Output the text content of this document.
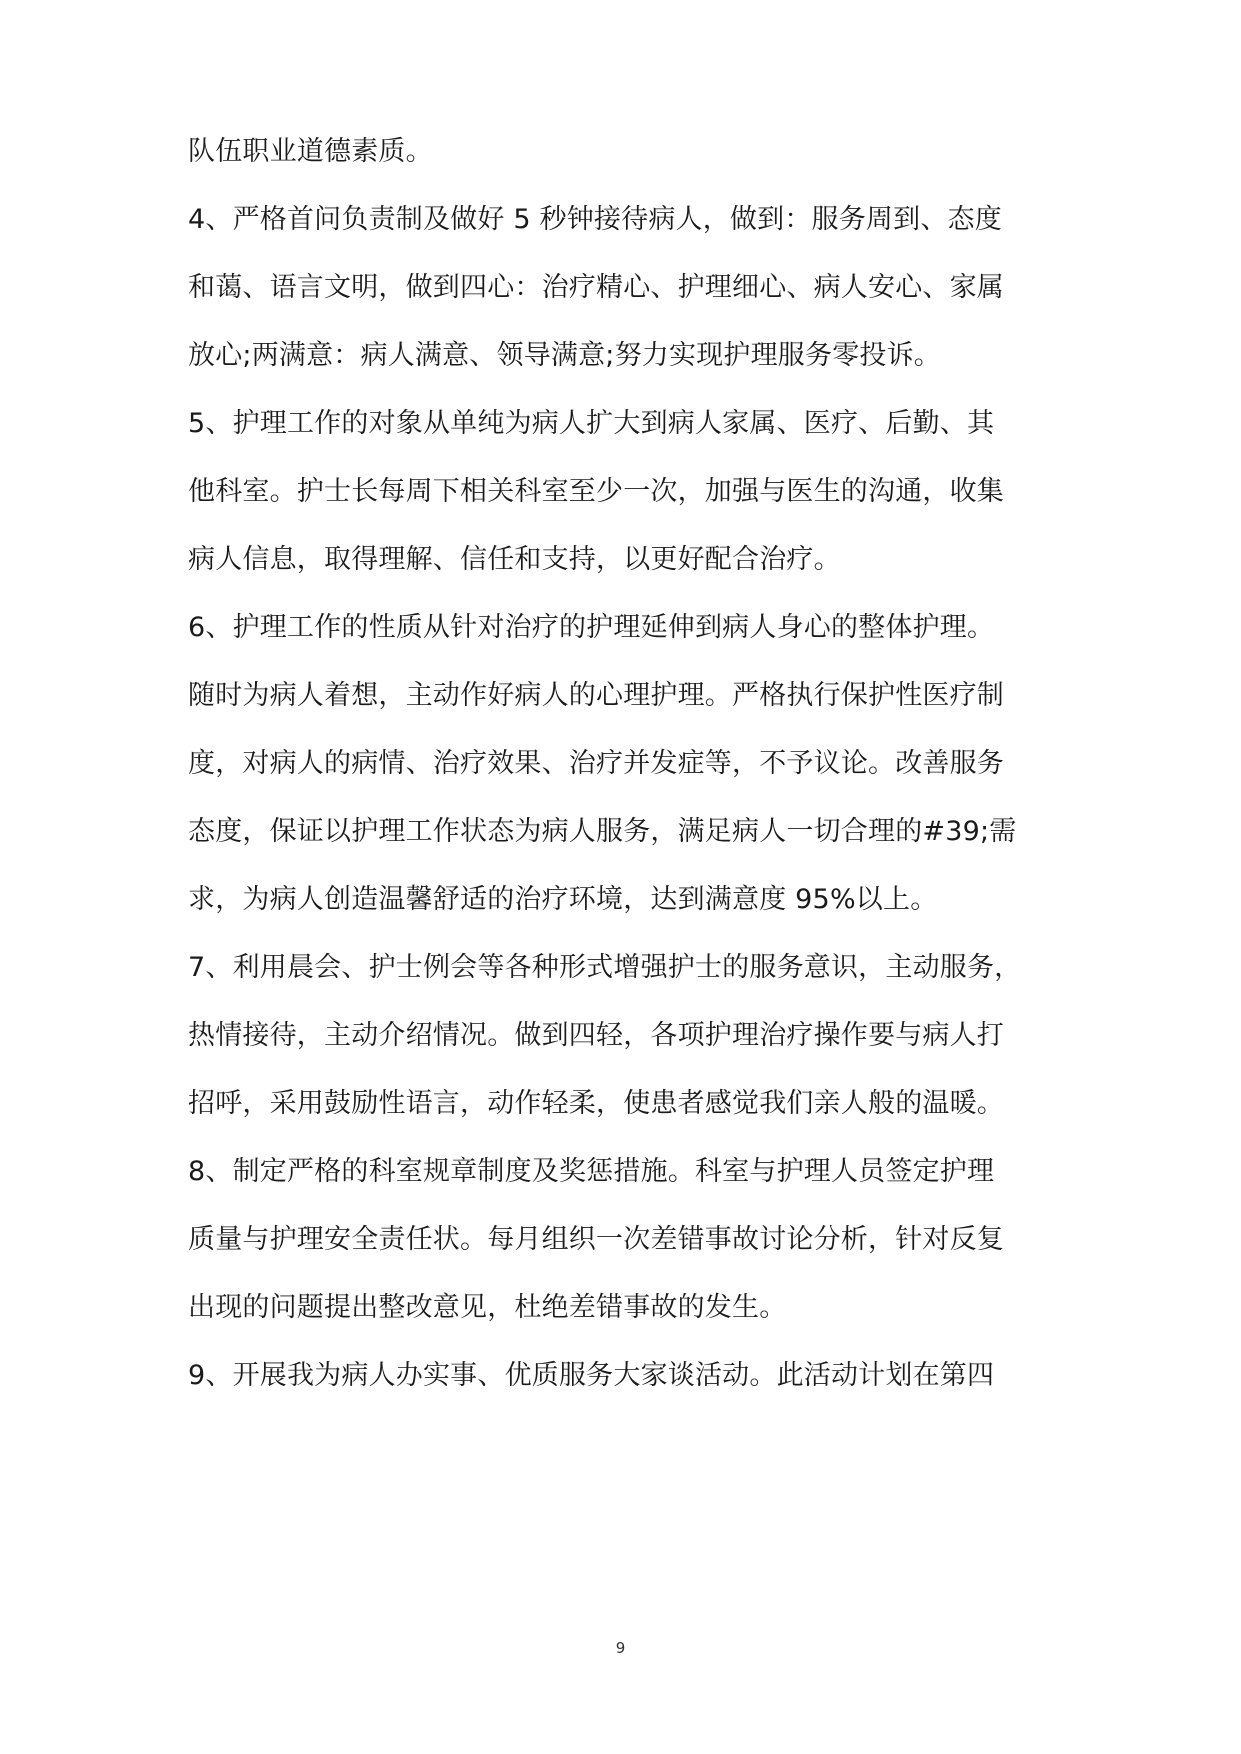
队伍职业道德素质。
4、严格首问负责制及做好 5 秒钟接待病人，做到：服务周到、态度
和蔼、语言文明，做到四心：治疗精心、护理细心、病人安心、家属
放心;两满意：病人满意、领导满意;努力实现护理服务零投诉。
5、护理工作的对象从单纯为病人扩大到病人家属、医疗、后勤、其
他科室。护士长每周下相关科室至少一次，加强与医生的沟通，收集
病人信息，取得理解、信任和支持，以更好配合治疗。
6、护理工作的性质从针对治疗的护理延伸到病人身心的整体护理。
随时为病人着想，主动作好病人的心理护理。严格执行保护性医疗制
度，对病人的病情、治疗效果、治疗并发症等，不予议论。改善服务
态度，保证以护理工作状态为病人服务，满足病人一切合理的#39;需
求，为病人创造温馨舒适的治疗环境，达到满意度 95%以上。
7、利用晨会、护士例会等各种形式增强护士的服务意识，主动服务，
热情接待，主动介绍情况。做到四轻，各项护理治疗操作要与病人打
招呼，采用鼓励性语言，动作轻柔，使患者感觉我们亲人般的温暖。
8、制定严格的科室规章制度及奖惩措施。科室与护理人员签定护理
质量与护理安全责任状。每月组织一次差错事故讨论分析，针对反复
出现的问题提出整改意见，杜绝差错事故的发生。
9、开展我为病人办实事、优质服务大家谈活动。此活动计划在第四
9
